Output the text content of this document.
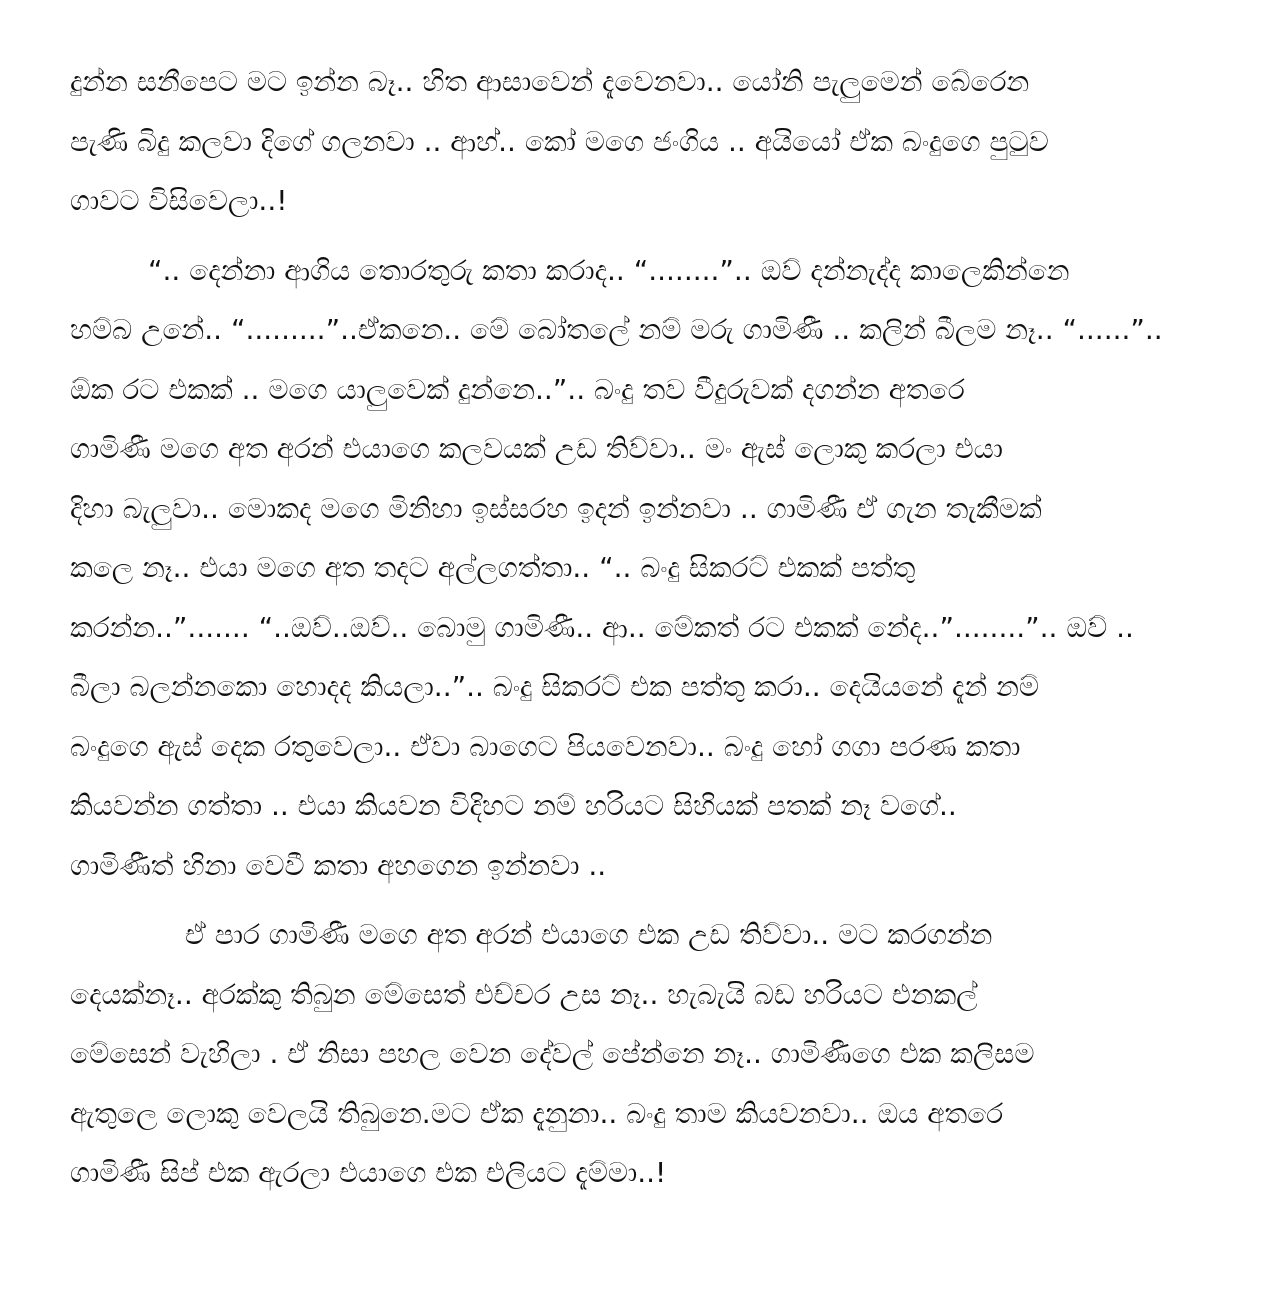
දුන්න සනීපෙට මට ඉන්න බෑ.. හිත ආසාවෙන් දැවෙනවා.. යෝනි පැලුමෙන් බේරෙන
පැණි බිදු කලවා දිගේ ගලනවා .. ආහ්.. කෝ මගෙ ජංගිය .. අයියෝ ඒක බංදුගෙ පුටුව
ගාවට විසිවෙලා..!
“.. දෙන්නා ආගිය තොරතුරු කතා කරාද.. “........”.. ඔව් දන්නැද්ද කාලෙකින්නෙ
හම්බ උනේ.. “.........”..ඒකනෙ.. මේ බෝතලේ නම් මරු ගාමිණී .. කලින් බීලම නෑ.. “......”..
ඕක රට එකක් .. මගෙ යාලුවෙක් දුන්නෙ..”.. බංදු තව වීදුරුවක් දගන්න අතරෙ
ගාමිණී මගෙ අත අරන් එයාගෙ කලවයක් උඩ තිව්වා.. මං ඇස් ලොකු කරලා එයා
දිහා බැලුවා.. මොකද මගෙ මිනිහා ඉස්සරහ ඉදන් ඉන්නවා .. ගාමිණී ඒ ගැන තැකීමක්
කලෙ නෑ.. එයා මගෙ අත තදට අල්ලගත්තා.. “.. බංදු සිකරට් එකක් පත්තු
කරන්න..”....... “..ඔව්..ඔව්.. බොමු ගාමිණී.. ආ.. මේකත් රට එකක් නේද..”........”.. ඔව් ..
බීලා බලන්නකො හොදද කියලා..”.. බංදු සිකරට් එක පත්තු කරා.. දෙයියනේ දැන් නම්
බංදුගෙ ඇස් දෙක රතුවෙලා.. ඒවා බාගෙට පියවෙනවා.. බංදු හෝ ගගා පරණ කතා
කියවන්න ගත්තා .. එයා කියවන විදිහට නම් හරියට සිහියක් පතක් නෑ වගේ..
ගාමිණීත් හිනා වෙවී කතා අහගෙන ඉන්නවා ..
ඒ පාර ගාමිණී මගෙ අත අරන් එයාගෙ එක උඩ තිව්වා.. මට කරගන්න
දෙයක්නෑ.. අරක්කු තිබුන මේසෙත් එච්චර උස නෑ.. හැබැයි බඩ හරියට එනකල්
මේසෙන් වැහිලා . ඒ නිසා පහල වෙන දේවල් පේන්නෙ නෑ.. ගාමිණීගෙ එක කලිසම
ඇතුලෙ ලොකු වෙලයි තිබුනෙ.මට ඒක දැනුනා.. බංදු තාම කියවනවා.. ඔය අතරෙ
ගාමිණී සිප් එක ඇරලා එයාගෙ එක එලියට දැම්මා..!
